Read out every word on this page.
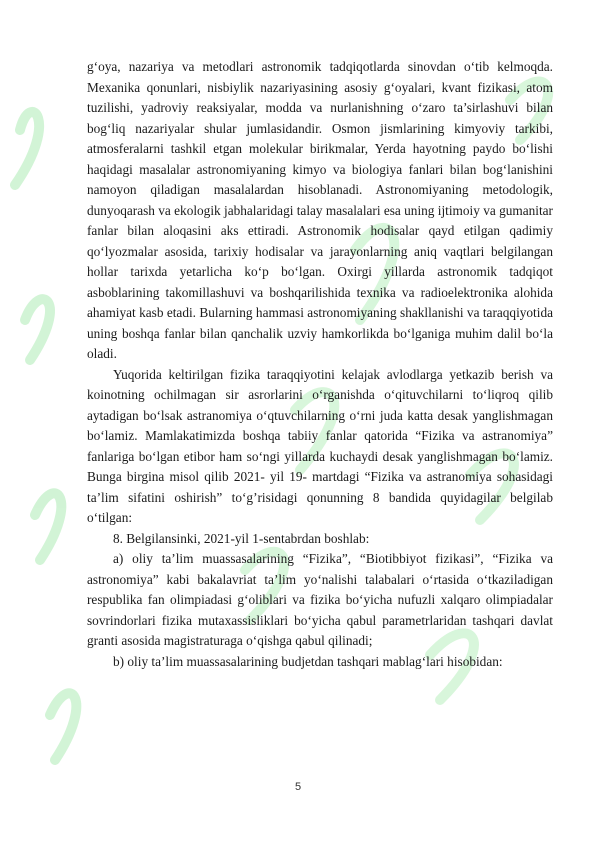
g‘oya, nazariya va metodlari astronomik tadqiqotlarda sinovdan o‘tib kelmoqda. Mexanika qonunlari, nisbiylik nazariyasining asosiy g‘oyalari, kvant fizikasi, atom tuzilishi, yadroviy reaksiyalar, modda va nurlanishning o‘zaro ta’sirlashuvi bilan bog‘liq nazariyalar shular jumlasidandir. Osmon jismlarining kimyoviy tarkibi, atmosferalarni tashkil etgan molekular birikmalar, Yerda hayotning paydo bo‘lishi haqidagi masalalar astronomiyaning kimyo va biologiya fanlari bilan bog‘lanishini namoyon qiladigan masalalardan hisoblanadi. Astronomiyaning metodologik, dunyoqarash va ekologik jabhalaridagi talay masalalari esa uning ijtimoiy va gumanitar fanlar bilan aloqasini aks ettiradi. Astronomik hodisalar qayd etilgan qadimiy qo‘lyozmalar asosida, tarixiy hodisalar va jarayonlarning aniq vaqtlari belgilangan hollar tarixda yetarlicha ko‘p bo‘lgan. Oxirgi yillarda astronomik tadqiqot asboblarining takomillashuvi va boshqarilishida texnika va radioelektronika alohida ahamiyat kasb etadi. Bularning hammasi astronomiyaning shakllanishi va taraqqiyotida uning boshqa fanlar bilan qanchalik uzviy hamkorlikda bo‘lganiga muhim dalil bo‘la oladi.

Yuqorida keltirilgan fizika taraqqiyotini kelajak avlodlarga yetkazib berish va koinotning ochilmagan sir asrorlarini o‘rganishda o‘qituvchilarni to‘liqroq qilib aytadigan bo‘lsak astranomiya o‘qtuvchilarning o‘rni juda katta desak yanglishmagan bo‘lamiz. Mamlakatimizda boshqa tabiiy fanlar qatorida “Fizika va astranomiya” fanlariga bo‘lgan etibor ham so‘ngi yillarda kuchaydi desak yanglishmagan bo‘lamiz. Bunga birgina misol qilib 2021- yil 19- martdagi “Fizika va astranomiya sohasidagi ta’lim sifatini oshirish” to‘g’risidagi qonunning 8 bandida quyidagilar belgilab o‘tilgan:

8. Belgilansinki, 2021-yil 1-sentabrdan boshlab:

a) oliy ta’lim muassasalarining “Fizika”, “Biotibbiyot fizikasi”, “Fizika va astronomiya” kabi bakalavriat ta’lim yo‘nalishi talabalari o‘rtasida o‘tkaziladigan respublika fan olimpiadasi g‘oliblari va fizika bo‘yicha nufuzli xalqaro olimpiadalar sovrindorlari fizika mutaxassisliklari bo‘yicha qabul parametrlaridan tashqari davlat granti asosida magistraturaga o‘qishga qabul qilinadi;

b) oliy ta’lim muassasalarining budjetdan tashqari mablag‘lari hisobidan:

5
